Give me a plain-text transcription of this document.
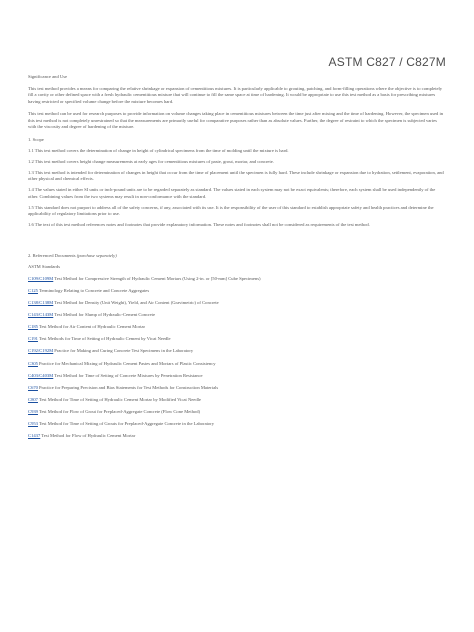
ASTM C827 / C827M

Significance and Use

This test method provides a means for comparing the relative shrinkage or expansion of cementitious mixtures. It is particularly applicable to grouting, patching, and form-filling operations where the objective is to completely fill a cavity or other defined space with a fresh hydraulic cementitious mixture that will continue to fill the same space at time of hardening. It would be appropriate to use this test method as a basis for prescribing mixtures having restricted or specified volume change before the mixture becomes hard.

This test method can be used for research purposes to provide information on volume changes taking place in cementitious mixtures between the time just after mixing and the time of hardening. However, the specimen used in this test method is not completely unrestrained so that the measurements are primarily useful for comparative purposes rather than as absolute values. Further, the degree of restraint to which the specimen is subjected varies with the viscosity and degree of hardening of the mixture.

1. Scope

1.1 This test method covers the determination of change in height of cylindrical specimens from the time of molding until the mixture is hard.

1.2 This test method covers height change measurements at early ages for cementitious mixtures of paste, grout, mortar, and concrete.

1.3 This test method is intended for determination of changes in height that occur from the time of placement until the specimen is fully hard. These include shrinkage or expansion due to hydration, settlement, evaporation, and other physical and chemical effects.

1.4 The values stated in either SI units or inch-pound units are to be regarded separately as standard. The values stated in each system may not be exact equivalents; therefore, each system shall be used independently of the other. Combining values from the two systems may result in non-conformance with the standard.

1.5 This standard does not purport to address all of the safety concerns, if any, associated with its use. It is the responsibility of the user of this standard to establish appropriate safety and health practices and determine the applicability of regulatory limitations prior to use.

1.6 The text of this test method references notes and footnotes that provide explanatory information. These notes and footnotes shall not be considered as requirements of the test method.

2. Referenced Documents (purchase separately)

ASTM Standards

C109/C109MTest Method for Compressive Strength of Hydraulic Cement Mortars (Using 2-in. or [50-mm] Cube Specimens)

C125Terminology Relating to Concrete and Concrete Aggregates

C138/C138MTest Method for Density (Unit Weight), Yield, and Air Content (Gravimetric) of Concrete

C143/C143MTest Method for Slump of Hydraulic-Cement Concrete

C185Test Method for Air Content of Hydraulic Cement Mortar

C191Test Methods for Time of Setting of Hydraulic Cement by Vicat Needle

C192/C192MPractice for Making and Curing Concrete Test Specimens in the Laboratory

C305Practice for Mechanical Mixing of Hydraulic Cement Pastes and Mortars of Plastic Consistency

C403/C403MTest Method for Time of Setting of Concrete Mixtures by Penetration Resistance

C670Practice for Preparing Precision and Bias Statements for Test Methods for Construction Materials

C807Test Method for Time of Setting of Hydraulic Cement Mortar by Modified Vicat Needle

C939Test Method for Flow of Grout for Preplaced-Aggregate Concrete (Flow Cone Method)

C953Test Method for Time of Setting of Grouts for Preplaced-Aggregate Concrete in the Laboratory

C1437Test Method for Flow of Hydraulic Cement Mortar
